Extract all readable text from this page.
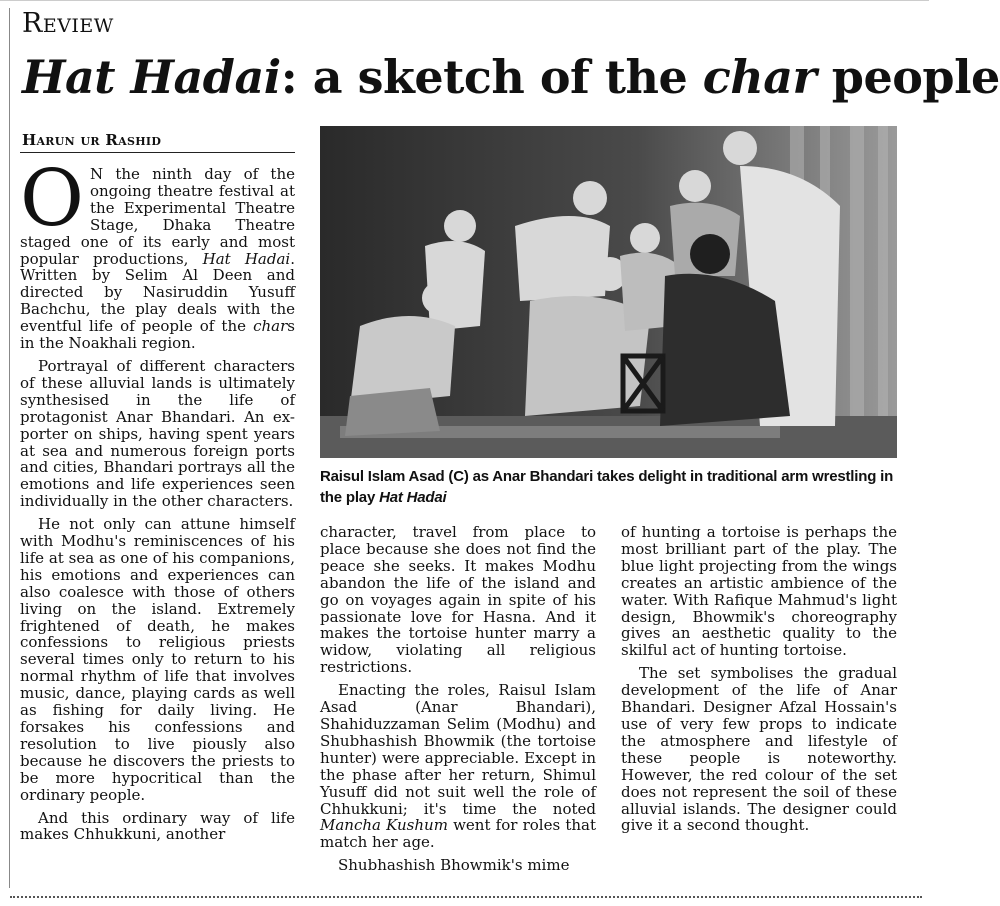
Review
Hat Hadai: a sketch of the char people
Harun ur Rashid

O N the ninth day of the ongoing theatre festival at the Experimental Theatre Stage, Dhaka Theatre staged one of its early and most popular productions, Hat Hadai. Written by Selim Al Deen and directed by Nasiruddin Yusuff Bachchu, the play deals with the eventful life of people of the chars in the Noakhali region.

Portrayal of different characters of these alluvial lands is ultimately synthesised in the life of protagonist Anar Bhandari. An ex-porter on ships, having spent years at sea and numerous foreign ports and cities, Bhandari portrays all the emotions and life experiences seen individually in the other characters.

He not only can attune himself with Modhu's reminiscences of his life at sea as one of his companions, his emotions and experiences can also coalesce with those of others living on the island. Extremely frightened of death, he makes confessions to religious priests several times only to return to his normal rhythm of life that involves music, dance, playing cards as well as fishing for daily living. He forsakes his confessions and resolution to live piously also because he discovers the priests to be more hypocritical than the ordinary people.

And this ordinary way of life makes Chhukkuni, another

Raisul Islam Asad (C) as Anar Bhandari takes delight in traditional arm wrestling in the play Hat Hadai

character, travel from place to place because she does not find the peace she seeks. It makes Modhu abandon the life of the island and go on voyages again in spite of his passionate love for Hasna. And it makes the tortoise hunter marry a widow, violating all religious restrictions.

Enacting the roles, Raisul Islam Asad (Anar Bhandari), Shahiduzzaman Selim (Modhu) and Shubhashish Bhowmik (the tortoise hunter) were appreciable. Except in the phase after her return, Shimul Yusuff did not suit well the role of Chhukkuni; it's time the noted Mancha Kushum went for roles that match her age.

Shubhashish Bhowmik's mime

of hunting a tortoise is perhaps the most brilliant part of the play. The blue light projecting from the wings creates an artistic ambience of the water. With Rafique Mahmud's light design, Bhowmik's choreography gives an aesthetic quality to the skilful act of hunting tortoise.

The set symbolises the gradual development of the life of Anar Bhandari. Designer Afzal Hossain's use of very few props to indicate the atmosphere and lifestyle of these people is noteworthy. However, the red colour of the set does not represent the soil of these alluvial islands. The designer could give it a second thought.
